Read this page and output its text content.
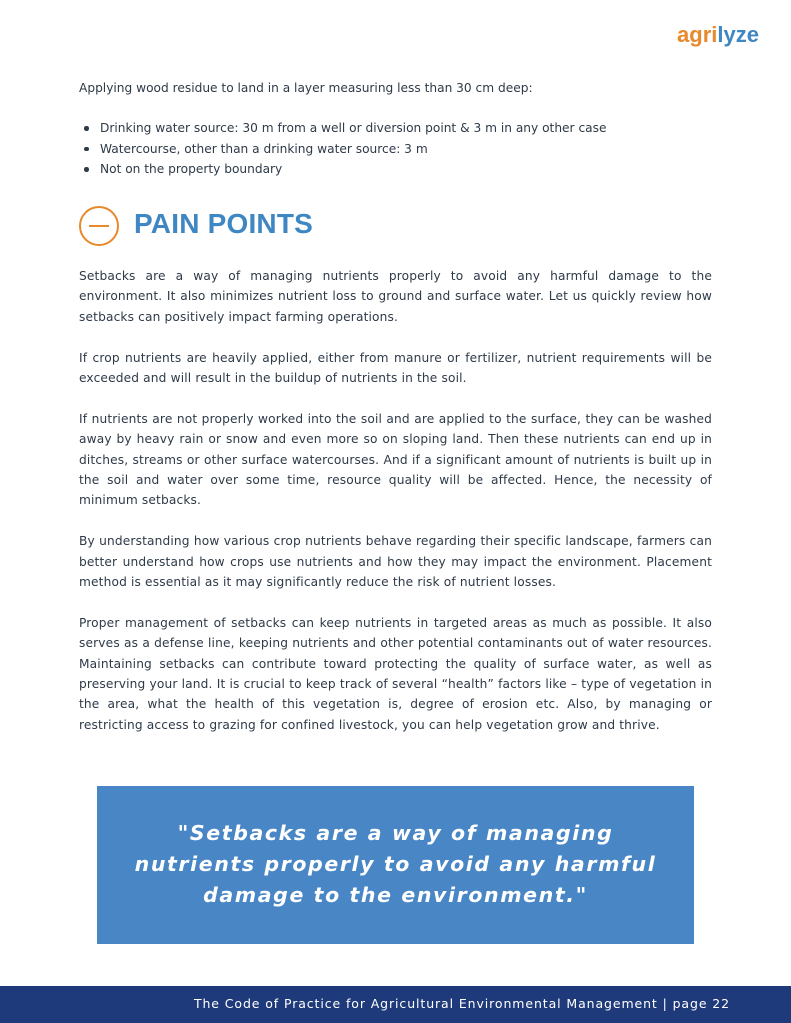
agrilyze

Applying wood residue to land in a layer measuring less than 30 cm deep:

Drinking water source: 30 m from a well or diversion point & 3 m in any other case
Watercourse, other than a drinking water source: 3 m
Not on the property boundary
PAIN POINTS

Setbacks are a way of managing nutrients properly to avoid any harmful damage to the environment. It also minimizes nutrient loss to ground and surface water. Let us quickly review how setbacks can positively impact farming operations.

If crop nutrients are heavily applied, either from manure or fertilizer, nutrient requirements will be exceeded and will result in the buildup of nutrients in the soil.

If nutrients are not properly worked into the soil and are applied to the surface, they can be washed away by heavy rain or snow and even more so on sloping land. Then these nutrients can end up in ditches, streams or other surface watercourses. And if a significant amount of nutrients is built up in the soil and water over some time, resource quality will be affected. Hence, the necessity of minimum setbacks.

By understanding how various crop nutrients behave regarding their specific landscape, farmers can better understand how crops use nutrients and how they may impact the environment. Placement method is essential as it may significantly reduce the risk of nutrient losses.

Proper management of setbacks can keep nutrients in targeted areas as much as possible. It also serves as a defense line, keeping nutrients and other potential contaminants out of water resources. Maintaining setbacks can contribute toward protecting the quality of surface water, as well as preserving your land. It is crucial to keep track of several “health” factors like – type of vegetation in the area, what the health of this vegetation is, degree of erosion etc. Also, by managing or restricting access to grazing for confined livestock, you can help vegetation grow and thrive.

"Setbacks are a way of managing nutrients properly to avoid any harmful damage to the environment."

The Code of Practice for Agricultural Environmental Management | page 22
